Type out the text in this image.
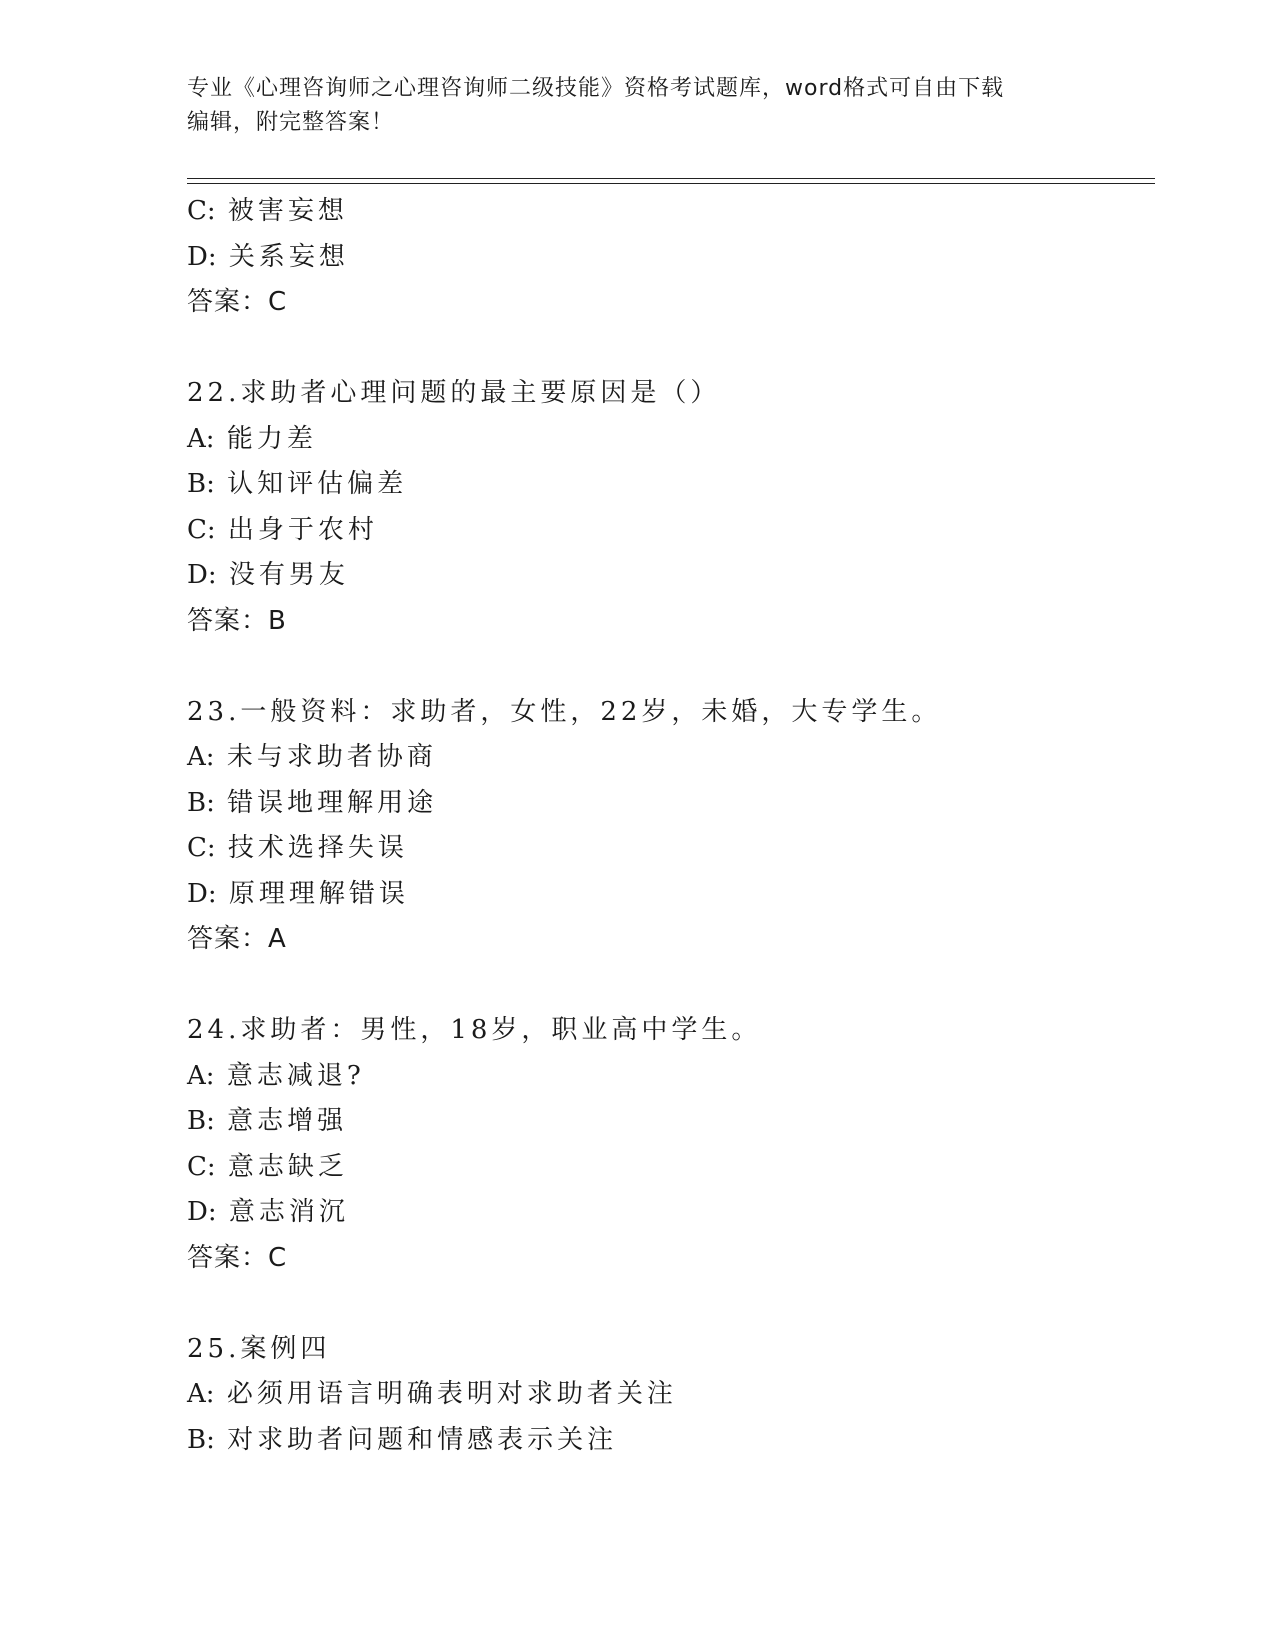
专业《心理咨询师之心理咨询师二级技能》资格考试题库，word格式可自由下载
编辑，附完整答案！
C: 被害妄想
D: 关系妄想
答案：C
22.求助者心理问题的最主要原因是（）
A: 能力差
B: 认知评估偏差
C: 出身于农村
D: 没有男友
答案：B
23.一般资料：求助者，女性，22岁，未婚，大专学生。
A: 未与求助者协商
B: 错误地理解用途
C: 技术选择失误
D: 原理理解错误
答案：A
24.求助者：男性，18岁，职业高中学生。
A: 意志减退?
B: 意志增强
C: 意志缺乏
D: 意志消沉
答案：C
25.案例四
A: 必须用语言明确表明对求助者关注
B: 对求助者问题和情感表示关注
